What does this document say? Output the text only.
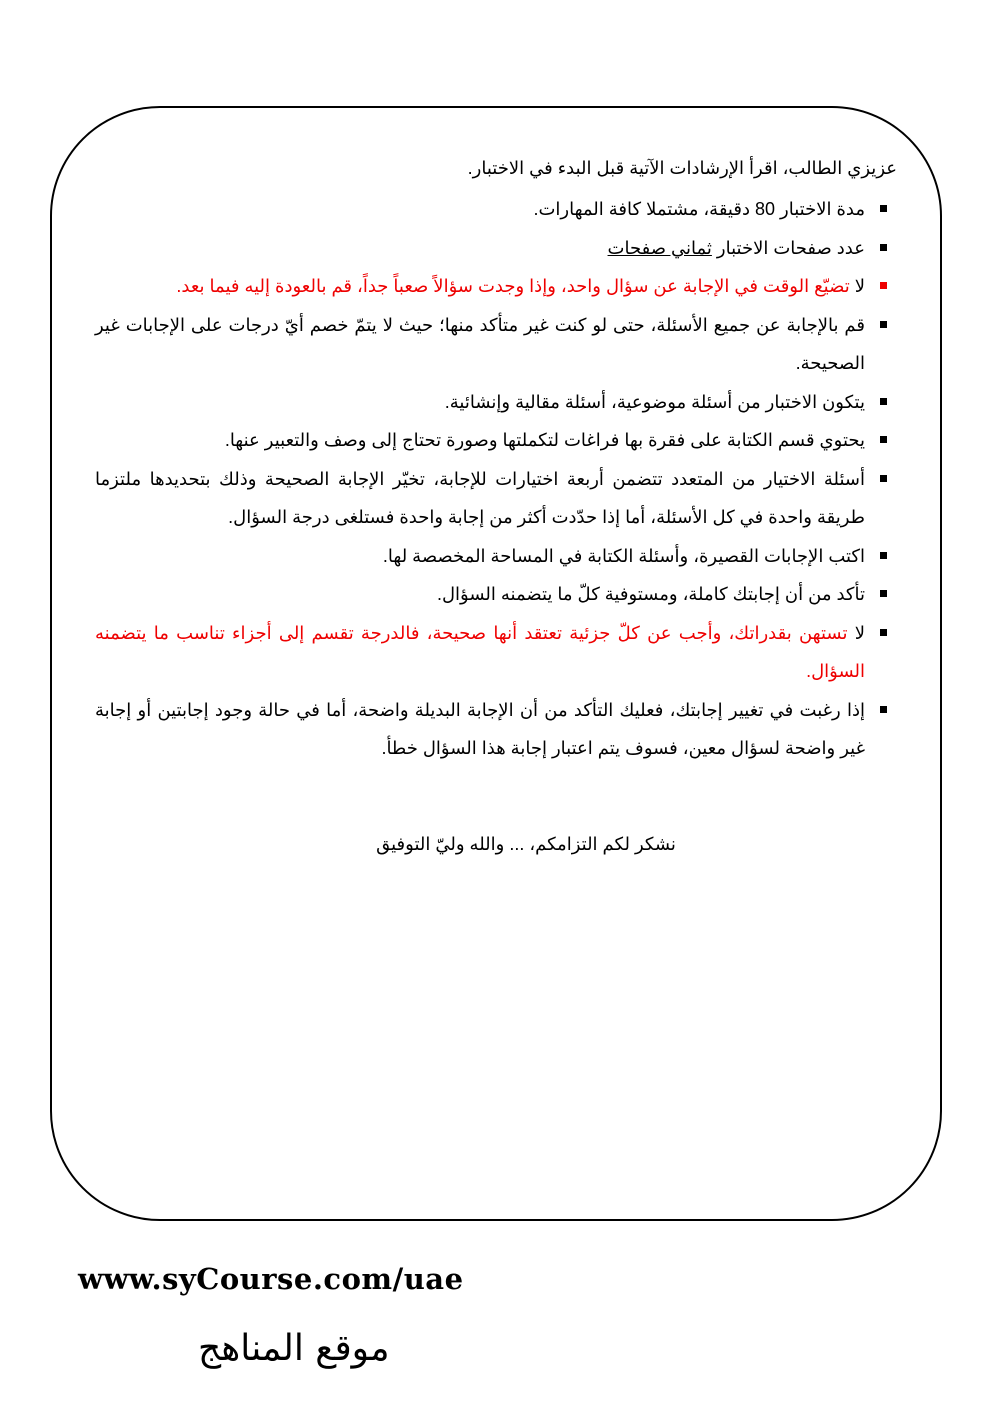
عزيزي الطالب، اقرأ الإرشادات الآتية قبل البدء في الاختبار.

مدة الاختبار 80 دقيقة، مشتملا كافة المهارات.
عدد صفحات الاختبار ثماني صفحات
لا تضيّع الوقت في الإجابة عن سؤال واحد، وإذا وجدت سؤالاً صعباً جداً، قم بالعودة إليه فيما بعد.
قم بالإجابة عن جميع الأسئلة، حتى لو كنت غير متأكد منها؛ حيث لا يتمّ خصم أيّ درجات على الإجابات غير الصحيحة.
يتكون الاختبار من أسئلة موضوعية، أسئلة مقالية وإنشائية.
يحتوي قسم الكتابة على فقرة بها فراغات لتكملتها وصورة تحتاج إلى وصف والتعبير عنها.
أسئلة الاختيار من المتعدد تتضمن أربعة اختيارات للإجابة، تخيّر الإجابة الصحيحة وذلك بتحديدها ملتزما طريقة واحدة في كل الأسئلة، أما إذا حدّدت أكثر من إجابة واحدة فستلغى درجة السؤال.
اكتب الإجابات القصيرة، وأسئلة الكتابة في المساحة المخصصة لها.
تأكد من أن إجابتك كاملة، ومستوفية كلّ ما يتضمنه السؤال.
لا تستهن بقدراتك، وأجب عن كلّ جزئية تعتقد أنها صحيحة، فالدرجة تقسم إلى أجزاء تناسب ما يتضمنه السؤال.
إذا رغبت في تغيير إجابتك، فعليك التأكد من أن الإجابة البديلة واضحة، أما في حالة وجود إجابتين أو إجابة غير واضحة لسؤال معين، فسوف يتم اعتبار إجابة هذا السؤال خطأ.

نشكر لكم التزامكم، ... والله وليّ التوفيق

www.syCourse.com/uae
موقع المناهج
